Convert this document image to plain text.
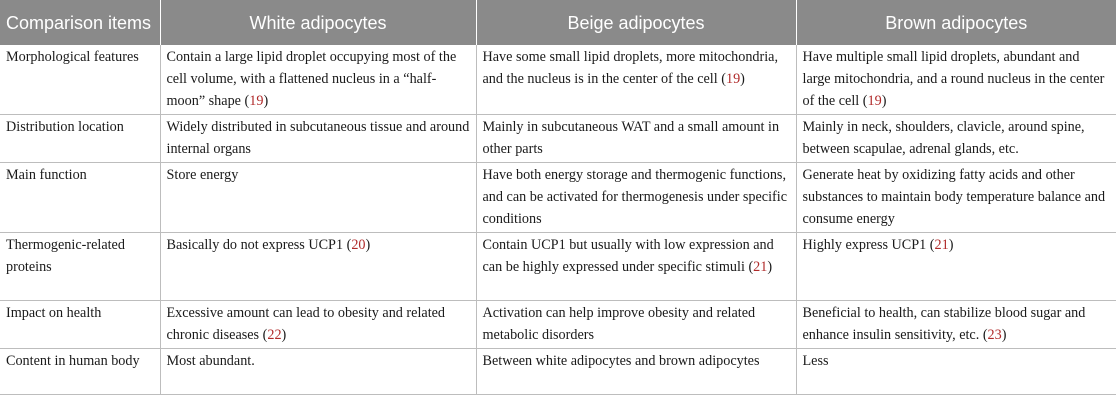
Comparison items	White adipocytes	Beige adipocytes	Brown adipocytes
Morphological features	Contain a large lipid droplet occupying most of the cell volume, with a flattened nucleus in a “half-moon” shape (19)	Have some small lipid droplets, more mitochondria, and the nucleus is in the center of the cell (19)	Have multiple small lipid droplets, abundant and large mitochondria, and a round nucleus in the center of the cell (19)
Distribution location	Widely distributed in subcutaneous tissue and around internal organs	Mainly in subcutaneous WAT and a small amount in other parts	Mainly in neck, shoulders, clavicle, around spine, between scapulae, adrenal glands, etc.
Main function	Store energy	Have both energy storage and thermogenic functions, and can be activated for thermogenesis under specific conditions	Generate heat by oxidizing fatty acids and other substances to maintain body temperature balance and consume energy
Thermogenic-related proteins	Basically do not express UCP1 (20)	Contain UCP1 but usually with low expression and can be highly expressed under specific stimuli (21)	Highly express UCP1 (21)
Impact on health	Excessive amount can lead to obesity and related chronic diseases (22)	Activation can help improve obesity and related metabolic disorders	Beneficial to health, can stabilize blood sugar and enhance insulin sensitivity, etc. (23)
Content in human body	Most abundant.	Between white adipocytes and brown adipocytes	Less
